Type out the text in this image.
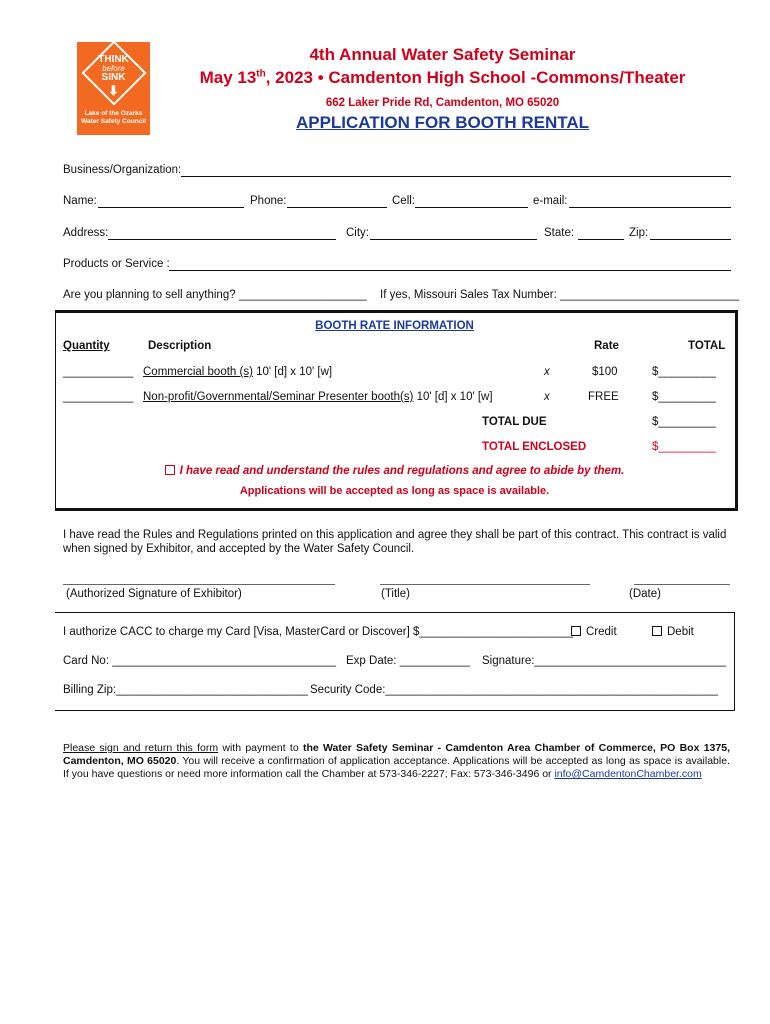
THINK
before
SINK
⬇
Lake of the Ozarks Water Safety Council
4th Annual Water Safety Seminar
May 13th, 2023 • Camdenton High School -Commons/Theater
662 Laker Pride Rd, Camdenton, MO 65020
APPLICATION FOR BOOTH RENTAL
Business/Organization:
Name:	Phone:	Cell:	e-mail:
Address:	City:	State:	Zip:
Products or Service :
Are you planning to sell anything? ____________________ If yes, Missouri Sales Tax Number: ____________________________
BOOTH RATE INFORMATION
Quantity	Description	Rate	TOTAL
___________ Commercial booth (s) 10' [d] x 10' [w]	x	$100	$_________
___________ Non-profit/Governmental/Seminar Presenter booth(s) 10' [d] x 10' [w]	x	FREE	$_________
TOTAL DUE	$_________
TOTAL ENCLOSED	$_________
I have read and understand the rules and regulations and agree to abide by them.
Applications will be accepted as long as space is available.
I have read the Rules and Regulations printed on this application and agree they shall be part of this contract. This contract is valid when signed by Exhibitor, and accepted by the Water Safety Council.
(Authorized Signature of Exhibitor)	(Title)	(Date)
I authorize CACC to charge my Card [Visa, MasterCard or Discover] $________________________	Credit	Debit
Card No: ___________________________________ Exp Date: ___________ Signature:______________________________
Billing Zip:______________________________ Security Code:____________________________________________________
Please sign and return this form with payment to the Water Safety Seminar - Camdenton Area Chamber of Commerce, PO Box 1375, Camdenton, MO 65020. You will receive a confirmation of application acceptance. Applications will be accepted as long as space is available. If you have questions or need more information call the Chamber at 573-346-2227; Fax: 573-346-3496 or info@CamdentonChamber.com
